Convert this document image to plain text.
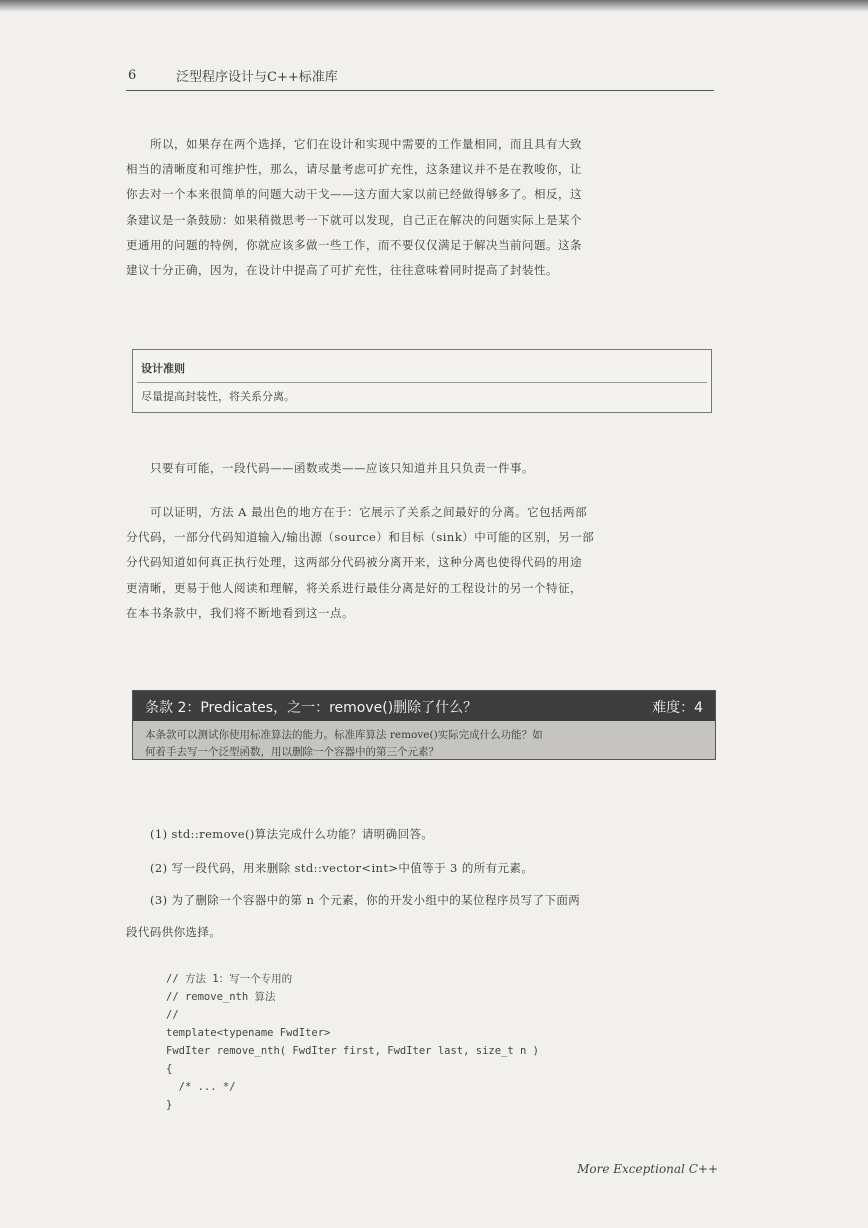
6	泛型程序设计与C++标准库

所以，如果存在两个选择，它们在设计和实现中需要的工作量相同，而且具有大致
相当的清晰度和可维护性，那么，请尽量考虑可扩充性，这条建议并不是在教唆你，让
你去对一个本来很简单的问题大动干戈——这方面大家以前已经做得够多了。相反，这
条建议是一条鼓励：如果稍微思考一下就可以发现，自己正在解决的问题实际上是某个
更通用的问题的特例，你就应该多做一些工作，而不要仅仅满足于解决当前问题。这条
建议十分正确，因为，在设计中提高了可扩充性，往往意味着同时提高了封装性。

设计准则
尽量提高封装性，将关系分离。

只要有可能，一段代码——函数或类——应该只知道并且只负责一件事。

可以证明，方法 A 最出色的地方在于：它展示了关系之间最好的分离。它包括两部
分代码，一部分代码知道输入/输出源（source）和目标（sink）中可能的区别，另一部
分代码知道如何真正执行处理，这两部分代码被分离开来，这种分离也使得代码的用途
更清晰，更易于他人阅读和理解，将关系进行最佳分离是好的工程设计的另一个特征，
在本书条款中，我们将不断地看到这一点。

条款 2：Predicates，之一：remove()删除了什么？	难度：4
本条款可以测试你使用标准算法的能力。标准库算法 remove()实际完成什么功能？如
何着手去写一个泛型函数，用以删除一个容器中的第三个元素？
(1) std::remove()算法完成什么功能？请明确回答。
(2) 写一段代码，用来删除 std::vector<int>中值等于 3 的所有元素。
(3) 为了删除一个容器中的第 n 个元素，你的开发小组中的某位程序员写了下面两
段代码供你选择。
// 方法 1：写一个专用的
// remove_nth 算法
//
template<typename FwdIter>
FwdIter remove_nth( FwdIter first, FwdIter last, size_t n )
{
/* ... */
}
More Exceptional C++
